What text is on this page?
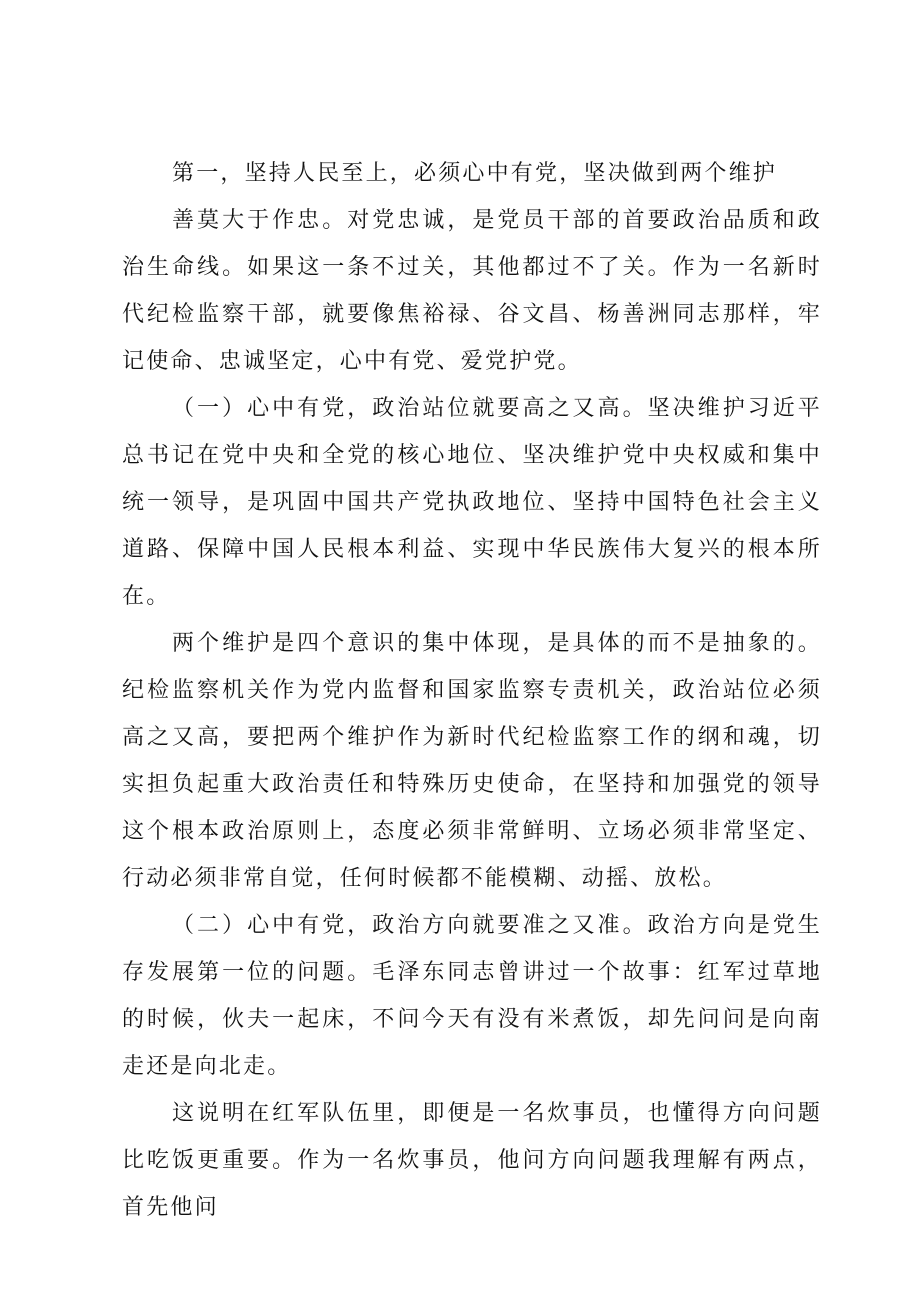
第一，坚持人民至上，必须心中有党，坚决做到两个维护

善莫大于作忠。对党忠诚，是党员干部的首要政治品质和政治生命线。如果这一条不过关，其他都过不了关。作为一名新时代纪检监察干部，就要像焦裕禄、谷文昌、杨善洲同志那样，牢记使命、忠诚坚定，心中有党、爱党护党。

（一）心中有党，政治站位就要高之又高。坚决维护习近平总书记在党中央和全党的核心地位、坚决维护党中央权威和集中统一领导，是巩固中国共产党执政地位、坚持中国特色社会主义道路、保障中国人民根本利益、实现中华民族伟大复兴的根本所在。

两个维护是四个意识的集中体现，是具体的而不是抽象的。纪检监察机关作为党内监督和国家监察专责机关，政治站位必须高之又高，要把两个维护作为新时代纪检监察工作的纲和魂，切实担负起重大政治责任和特殊历史使命，在坚持和加强党的领导这个根本政治原则上，态度必须非常鲜明、立场必须非常坚定、行动必须非常自觉，任何时候都不能模糊、动摇、放松。

（二）心中有党，政治方向就要准之又准。政治方向是党生存发展第一位的问题。毛泽东同志曾讲过一个故事：红军过草地的时候，伙夫一起床，不问今天有没有米煮饭，却先问问是向南走还是向北走。

这说明在红军队伍里，即便是一名炊事员，也懂得方向问题比吃饭更重要。作为一名炊事员，他问方向问题我理解有两点，首先他问
